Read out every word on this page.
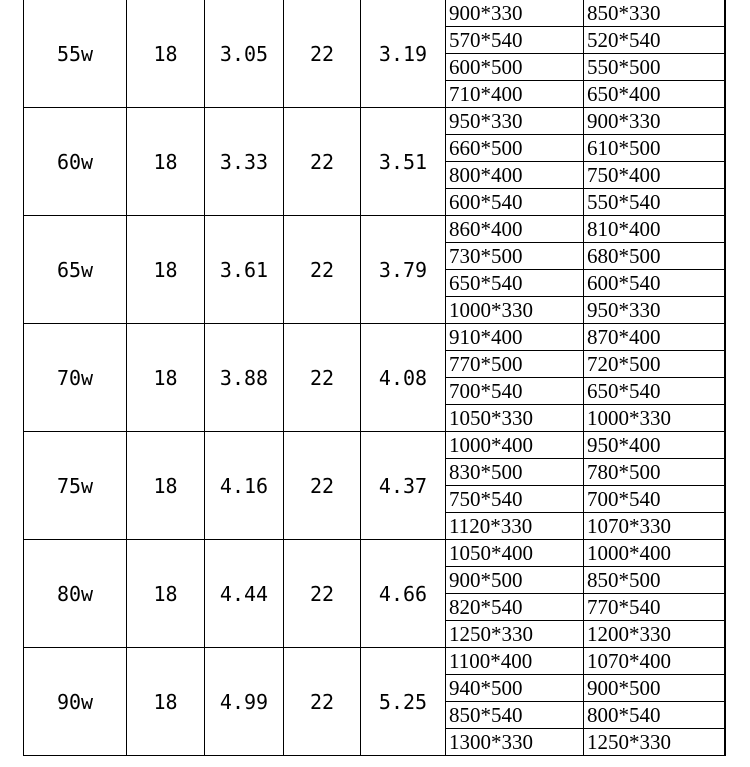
55w	18	3.05	22	3.19	900*330	850*330
					570*540	520*540
					600*500	550*500
					710*400	650*400
60w	18	3.33	22	3.51	950*330	900*330
					660*500	610*500
					800*400	750*400
					600*540	550*540
65w	18	3.61	22	3.79	860*400	810*400
					730*500	680*500
					650*540	600*540
					1000*330	950*330
70w	18	3.88	22	4.08	910*400	870*400
					770*500	720*500
					700*540	650*540
					1050*330	1000*330
75w	18	4.16	22	4.37	1000*400	950*400
					830*500	780*500
					750*540	700*540
					1120*330	1070*330
80w	18	4.44	22	4.66	1050*400	1000*400
					900*500	850*500
					820*540	770*540
					1250*330	1200*330
90w	18	4.99	22	5.25	1100*400	1070*400
					940*500	900*500
					850*540	800*540
					1300*330	1250*330
